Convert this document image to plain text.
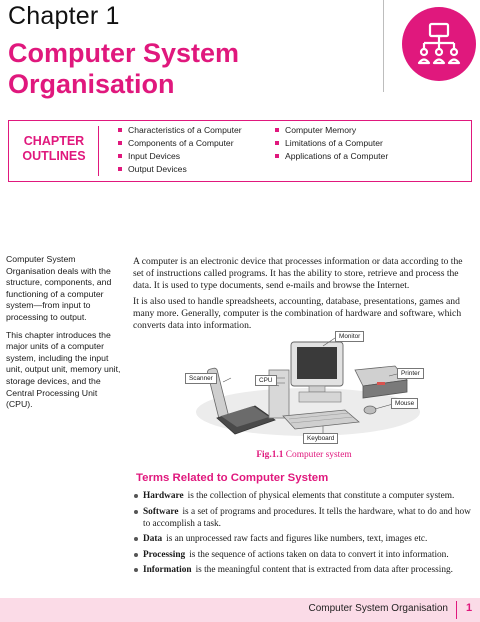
Chapter 1
Computer System
Organisation
CHAPTER
OUTLINES
Characteristics of a Computer
Components of a Computer
Input Devices
Output Devices
Computer Memory
Limitations of a Computer
Applications of a Computer

Computer System Organisation deals with the structure, components, and functioning of a computer system—from input to processing to output.

This chapter introduces the major units of a computer system, including the input unit, output unit, memory unit, storage devices, and the Central Processing Unit (CPU).

A computer is an electronic device that processes information or data according to the set of instructions called programs. It has the ability to store, retrieve and process the data. It is used to type documents, send e-mails and browse the Internet.

It is also used to handle spreadsheets, accounting, database, presentations, games and many more. Generally, computer is the combination of hardware and software, which converts data into information.

Monitor
Scanner	CPU
Printer
Mouse
Keyboard
Fig.1.1 Computer system
Terms Related to Computer System
Hardware is the collection of physical elements that constitute a computer system.
Software is a set of programs and procedures. It tells the hardware, what to do and how to accomplish a task.
Data is an unprocessed raw facts and figures like numbers, text, images etc.
Processing is the sequence of actions taken on data to convert it into information.
Information is the meaningful content that is extracted from data after processing.
Computer System Organisation	1
